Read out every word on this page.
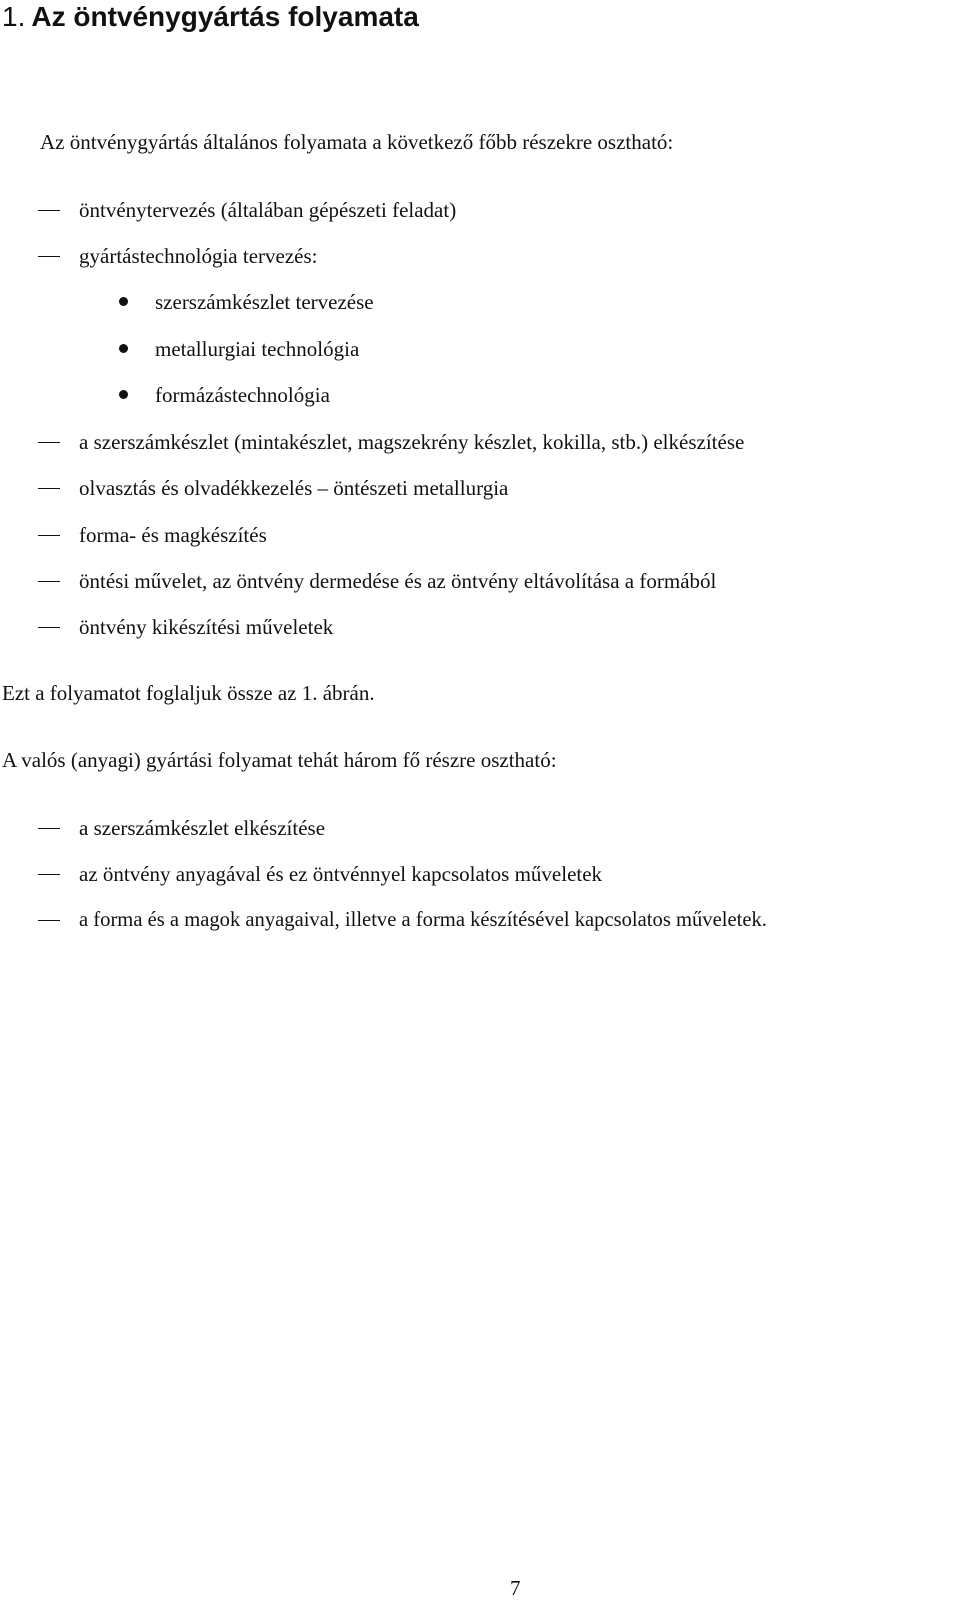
1. Az öntvénygyártás folyamata

Az öntvénygyártás általános folyamata a következő főbb részekre osztható:

öntvénytervezés (általában gépészeti feladat)
gyártástechnológia tervezés:
szerszámkészlet tervezése
metallurgiai technológia
formázástechnológia
a szerszámkészlet (mintakészlet, magszekrény készlet, kokilla, stb.) elkészítése
olvasztás és olvadékkezelés – öntészeti metallurgia
forma- és magkészítés
öntési művelet, az öntvény dermedése és az öntvény eltávolítása a formából
öntvény kikészítési műveletek

Ezt a folyamatot foglaljuk össze az 1. ábrán.

A valós (anyagi) gyártási folyamat tehát három fő részre osztható:

a szerszámkészlet elkészítése
az öntvény anyagával és ez öntvénnyel kapcsolatos műveletek
a forma és a magok anyagaival, illetve a forma készítésével kapcsolatos műveletek.
7
